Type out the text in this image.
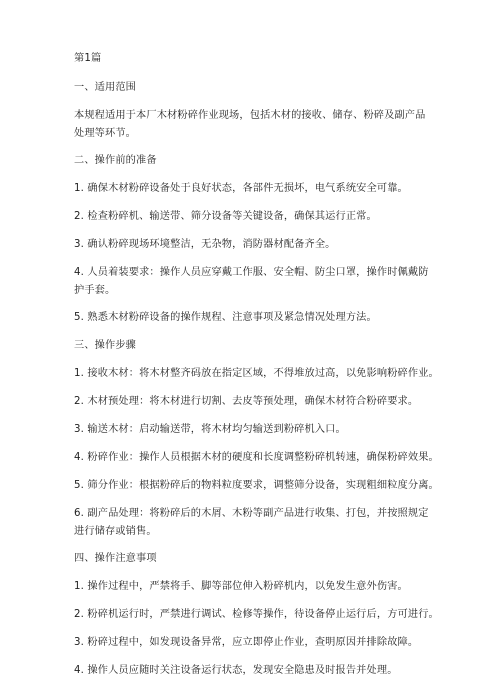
第1篇
一、适用范围
本规程适用于本厂木材粉碎作业现场，包括木材的接收、储存、粉碎及副产品处理等环节。
二、操作前的准备
1. 确保木材粉碎设备处于良好状态，各部件无损坏，电气系统安全可靠。
2. 检查粉碎机、输送带、筛分设备等关键设备，确保其运行正常。
3. 确认粉碎现场环境整洁，无杂物，消防器材配备齐全。
4. 人员着装要求：操作人员应穿戴工作服、安全帽、防尘口罩，操作时佩戴防护手套。
5. 熟悉木材粉碎设备的操作规程、注意事项及紧急情况处理方法。
三、操作步骤
1. 接收木材：将木材整齐码放在指定区域，不得堆放过高，以免影响粉碎作业。
2. 木材预处理：将木材进行切割、去皮等预处理，确保木材符合粉碎要求。
3. 输送木材：启动输送带，将木材均匀输送到粉碎机入口。
4. 粉碎作业：操作人员根据木材的硬度和长度调整粉碎机转速，确保粉碎效果。
5. 筛分作业：根据粉碎后的物料粒度要求，调整筛分设备，实现粗细粒度分离。
6. 副产品处理：将粉碎后的木屑、木粉等副产品进行收集、打包，并按照规定进行储存或销售。
四、操作注意事项
1. 操作过程中，严禁将手、脚等部位伸入粉碎机内，以免发生意外伤害。
2. 粉碎机运行时，严禁进行调试、检修等操作，待设备停止运行后，方可进行。
3. 粉碎过程中，如发现设备异常，应立即停止作业，查明原因并排除故障。
4. 操作人员应随时关注设备运行状态，发现安全隐患及时报告并处理。
